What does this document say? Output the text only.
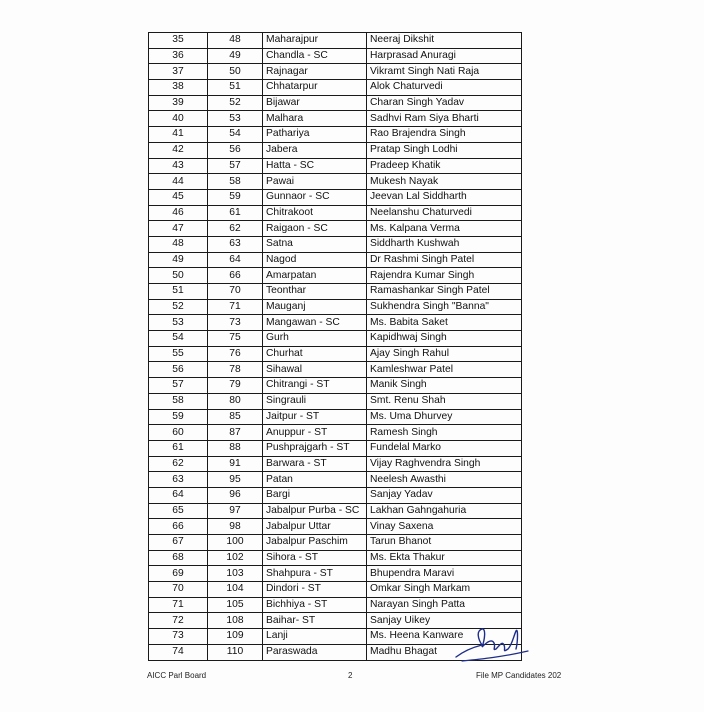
35	48	Maharajpur	Neeraj Dikshit
36	49	Chandla - SC	Harprasad Anuragi
37	50	Rajnagar	Vikramt Singh Nati Raja
38	51	Chhatarpur	Alok Chaturvedi
39	52	Bijawar	Charan Singh Yadav
40	53	Malhara	Sadhvi Ram Siya Bharti
41	54	Pathariya	Rao Brajendra Singh
42	56	Jabera	Pratap Singh Lodhi
43	57	Hatta - SC	Pradeep Khatik
44	58	Pawai	Mukesh Nayak
45	59	Gunnaor - SC	Jeevan Lal Siddharth
46	61	Chitrakoot	Neelanshu Chaturvedi
47	62	Raigaon - SC	Ms. Kalpana Verma
48	63	Satna	Siddharth Kushwah
49	64	Nagod	Dr Rashmi Singh Patel
50	66	Amarpatan	Rajendra Kumar Singh
51	70	Teonthar	Ramashankar Singh Patel
52	71	Mauganj	Sukhendra Singh "Banna"
53	73	Mangawan - SC	Ms. Babita Saket
54	75	Gurh	Kapidhwaj Singh
55	76	Churhat	Ajay Singh Rahul
56	78	Sihawal	Kamleshwar Patel
57	79	Chitrangi - ST	Manik Singh
58	80	Singrauli	Smt. Renu Shah
59	85	Jaitpur - ST	Ms. Uma Dhurvey
60	87	Anuppur - ST	Ramesh Singh
61	88	Pushprajgarh - ST	Fundelal Marko
62	91	Barwara - ST	Vijay Raghvendra Singh
63	95	Patan	Neelesh Awasthi
64	96	Bargi	Sanjay Yadav
65	97	Jabalpur Purba - SC	Lakhan Gahngahuria
66	98	Jabalpur Uttar	Vinay Saxena
67	100	Jabalpur Paschim	Tarun Bhanot
68	102	Sihora - ST	Ms. Ekta Thakur
69	103	Shahpura - ST	Bhupendra Maravi
70	104	Dindori - ST	Omkar Singh Markam
71	105	Bichhiya - ST	Narayan Singh Patta
72	108	Baihar- ST	Sanjay Uikey
73	109	Lanji	Ms. Heena Kanware
74	110	Paraswada	Madhu Bhagat
AICC Parl Board	2	File MP Candidates 202
